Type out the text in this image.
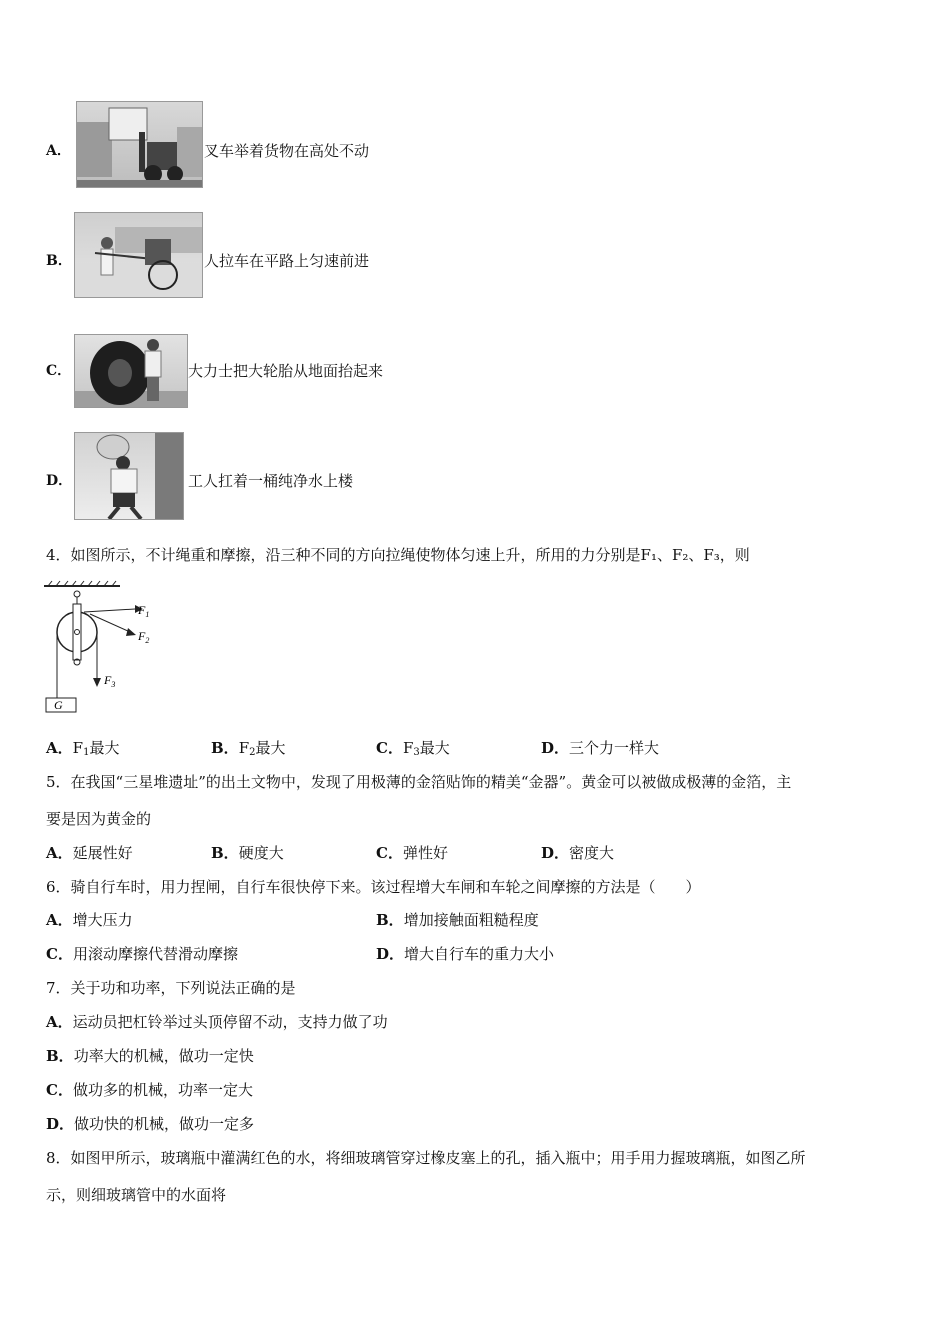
A．	叉车举着货物在高处不动
B．	人拉车在平路上匀速前进
C．	大力士把大轮胎从地面抬起来
D．	工人扛着一桶纯净水上楼
4．如图所示，不计绳重和摩擦，沿三种不同的方向拉绳使物体匀速上升，所用的力分别是F₁、F₂、F₃，则
G
$F_1$
$F_2$
$F_3$
A．$F_1$最大	B．$F_2$最大	C．$F_3$最大	D．三个力一样大
5．在我国“三星堆遗址”的出土文物中，发现了用极薄的金箔贴饰的精美“金器”。黄金可以被做成极薄的金箔，主
要是因为黄金的
A．延展性好	B．硬度大	C．弹性好	D．密度大
6．骑自行车时，用力捏闸，自行车很快停下来。该过程增大车闸和车轮之间摩擦的方法是（　　）
A．增大压力	B．增加接触面粗糙程度
C．用滚动摩擦代替滑动摩擦	D．增大自行车的重力大小
7．关于功和功率，下列说法正确的是
A．运动员把杠铃举过头顶停留不动，支持力做了功
B．功率大的机械，做功一定快
C．做功多的机械，功率一定大
D．做功快的机械，做功一定多
8．如图甲所示，玻璃瓶中灌满红色的水，将细玻璃管穿过橡皮塞上的孔，插入瓶中；用手用力握玻璃瓶，如图乙所
示，则细玻璃管中的水面将
